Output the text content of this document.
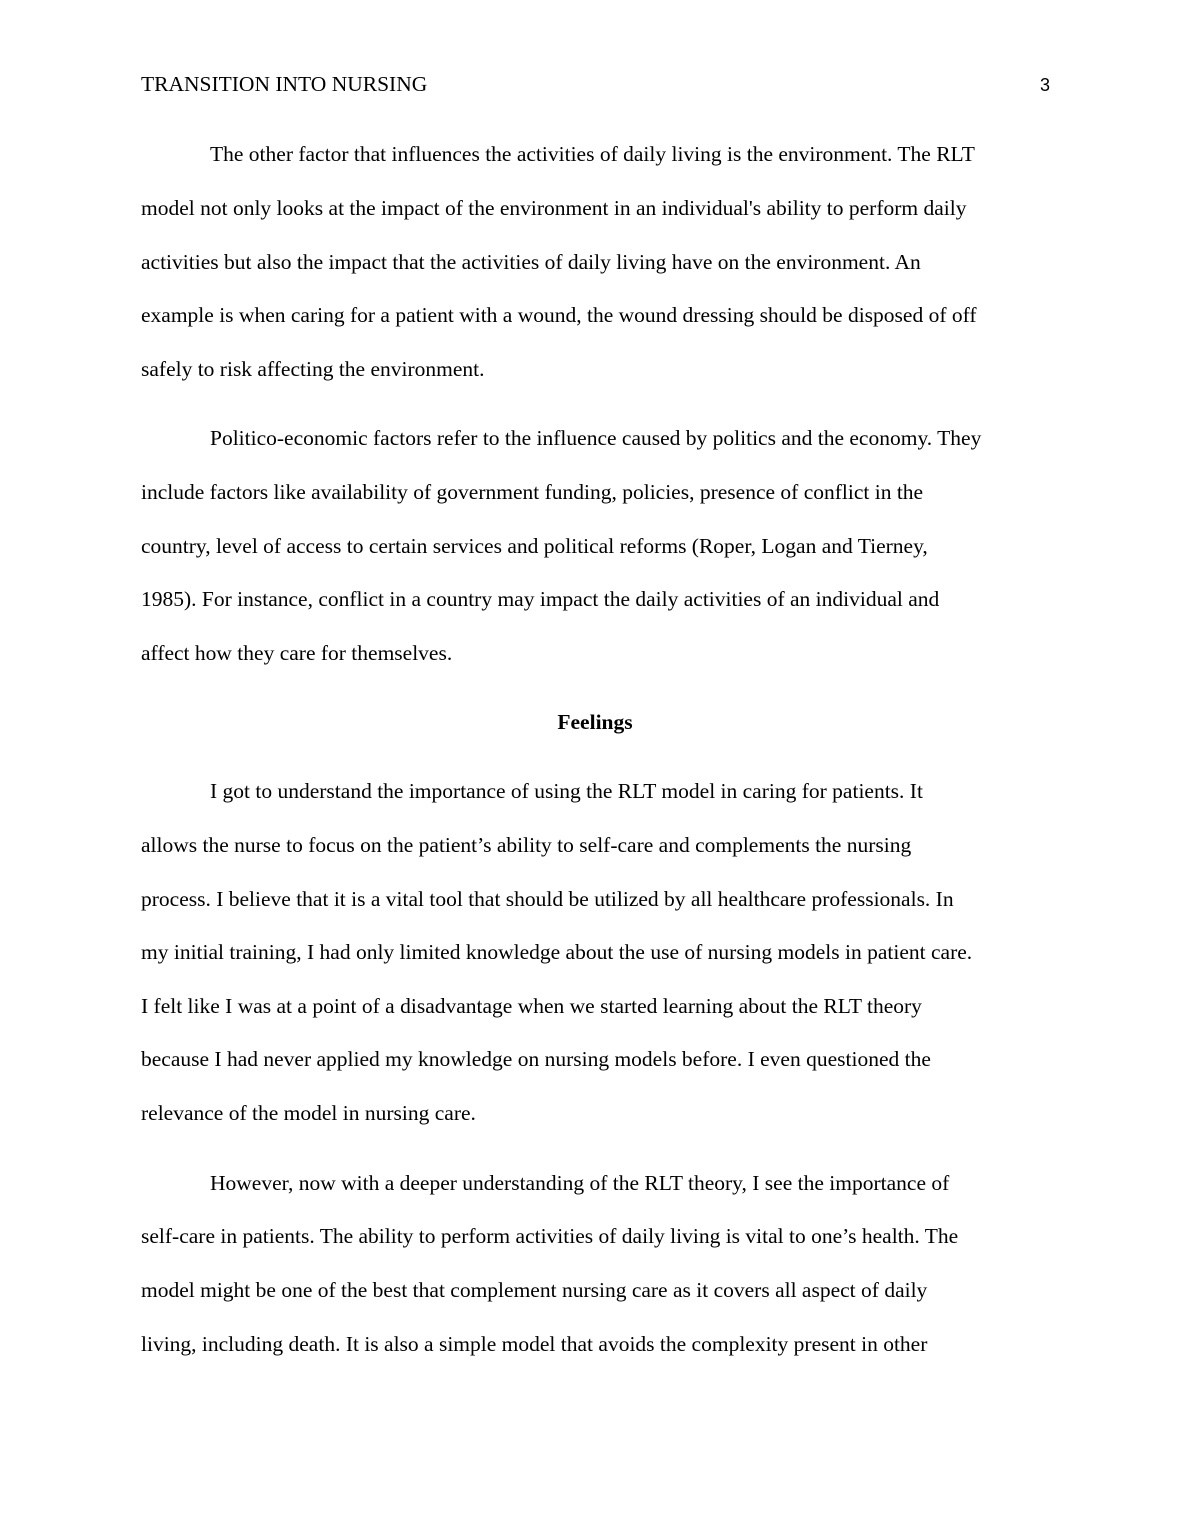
TRANSITION INTO NURSING	3
The other factor that influences the activities of daily living is the environment. The RLT
model not only looks at the impact of the environment in an individual's ability to perform daily
activities but also the impact that the activities of daily living have on the environment. An
example is when caring for a patient with a wound, the wound dressing should be disposed of off
safely to risk affecting the environment.
Politico-economic factors refer to the influence caused by politics and the economy. They
include factors like availability of government funding, policies, presence of conflict in the
country, level of access to certain services and political reforms (Roper, Logan and Tierney,
1985). For instance, conflict in a country may impact the daily activities of an individual and
affect how they care for themselves.
Feelings
I got to understand the importance of using the RLT model in caring for patients. It
allows the nurse to focus on the patient’s ability to self-care and complements the nursing
process. I believe that it is a vital tool that should be utilized by all healthcare professionals. In
my initial training, I had only limited knowledge about the use of nursing models in patient care.
I felt like I was at a point of a disadvantage when we started learning about the RLT theory
because I had never applied my knowledge on nursing models before. I even questioned the
relevance of the model in nursing care.
However, now with a deeper understanding of the RLT theory, I see the importance of
self-care in patients. The ability to perform activities of daily living is vital to one’s health. The
model might be one of the best that complement nursing care as it covers all aspect of daily
living, including death. It is also a simple model that avoids the complexity present in other
